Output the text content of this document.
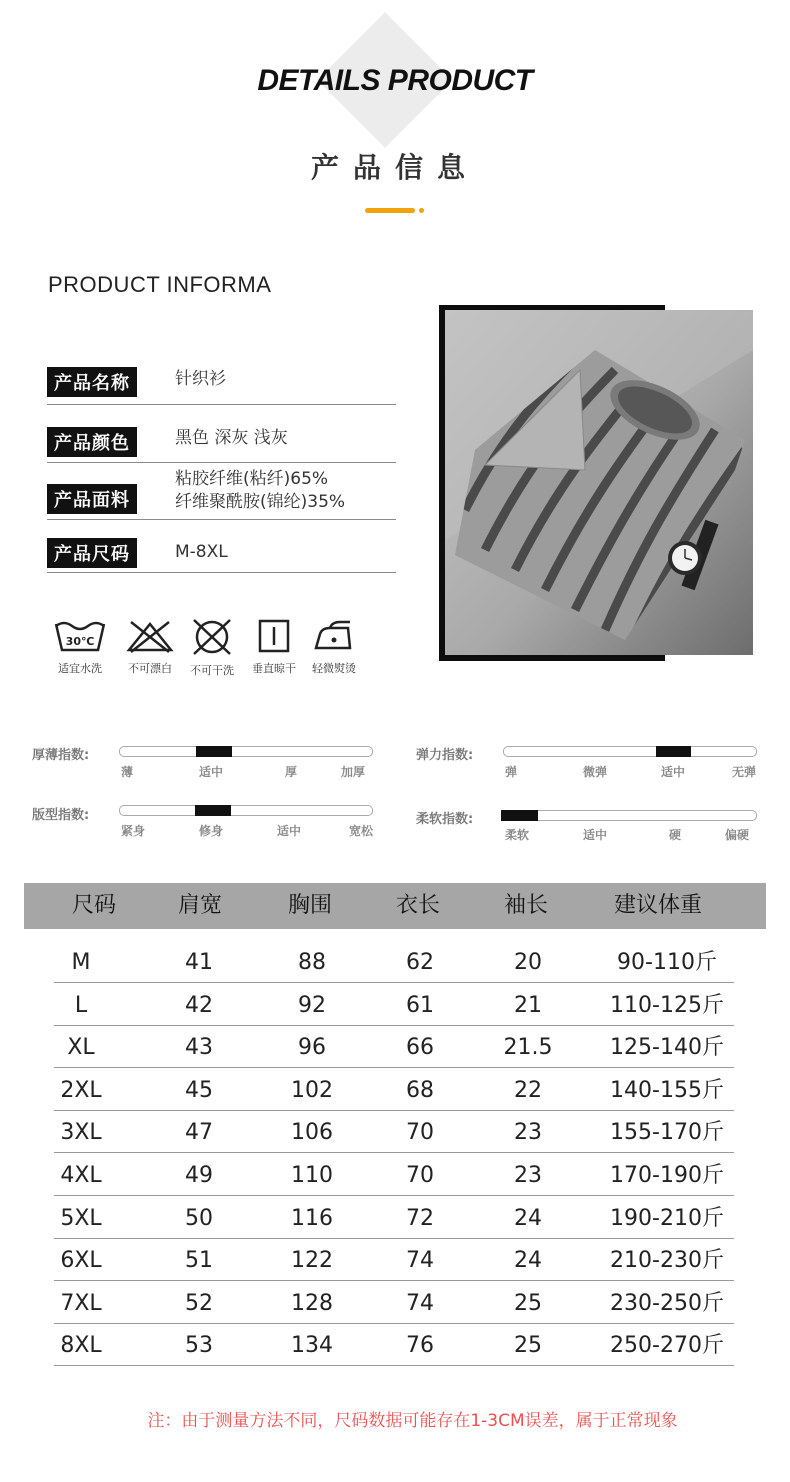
DETAILS PRODUCT
产品信息
PRODUCT INFORMA
产品名称	针织衫
产品颜色	黑色 深灰 浅灰
产品面料
粘胶纤维(粘纤)65%
纤维聚酰胺(锦纶)35%
产品尺码	M-8XL
30℃
适宜水洗	不可漂白	不可干洗	垂直晾干	轻微熨烫
厚薄指数:
薄	适中	厚	加厚
弹力指数:
弹	微弹	适中	无弹
版型指数:
紧身	修身	适中	宽松
柔软指数:
柔软	适中	硬	偏硬
尺码	肩宽	胸围	衣长	袖长	建议体重
M	41	88	62	20	90-110斤
L	42	92	61	21	110-125斤
XL	43	96	66	21.5	125-140斤
2XL	45	102	68	22	140-155斤
3XL	47	106	70	23	155-170斤
4XL	49	110	70	23	170-190斤
5XL	50	116	72	24	190-210斤
6XL	51	122	74	24	210-230斤
7XL	52	128	74	25	230-250斤
8XL	53	134	76	25	250-270斤
注：由于测量方法不同，尺码数据可能存在1-3CM误差，属于正常现象
